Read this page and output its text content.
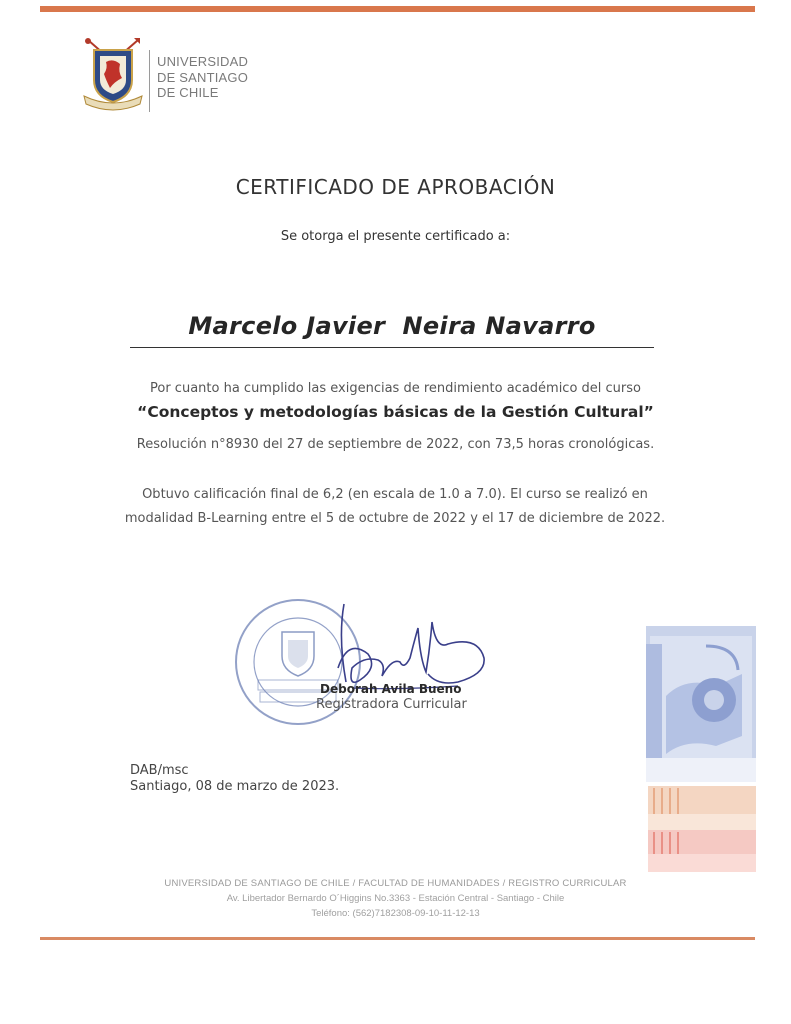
UNIVERSIDAD
DE SANTIAGO
DE CHILE
CERTIFICADO DE APROBACIÓN
Se otorga el presente certificado a:
Marcelo Javier  Neira Navarro
Por cuanto ha cumplido las exigencias de rendimiento académico del curso
“Conceptos y metodologías básicas de la Gestión Cultural”
Resolución n°8930 del 27 de septiembre de 2022, con 73,5 horas cronológicas.
Obtuvo calificación final de 6,2 (en escala de 1.0 a 7.0). El curso se realizó en modalidad B-Learning entre el 5 de octubre de 2022 y el 17 de diciembre de 2022.
Deborah Avila Bueno
Registradora Curricular
DAB/msc
Santiago, 08 de marzo de 2023.
UNIVERSIDAD DE SANTIAGO DE CHILE / FACULTAD DE HUMANIDADES / REGISTRO CURRICULAR
Av. Libertador Bernardo O´Higgins No.3363 - Estación Central - Santiago - Chile
Teléfono: (562)7182308-09-10-11-12-13
